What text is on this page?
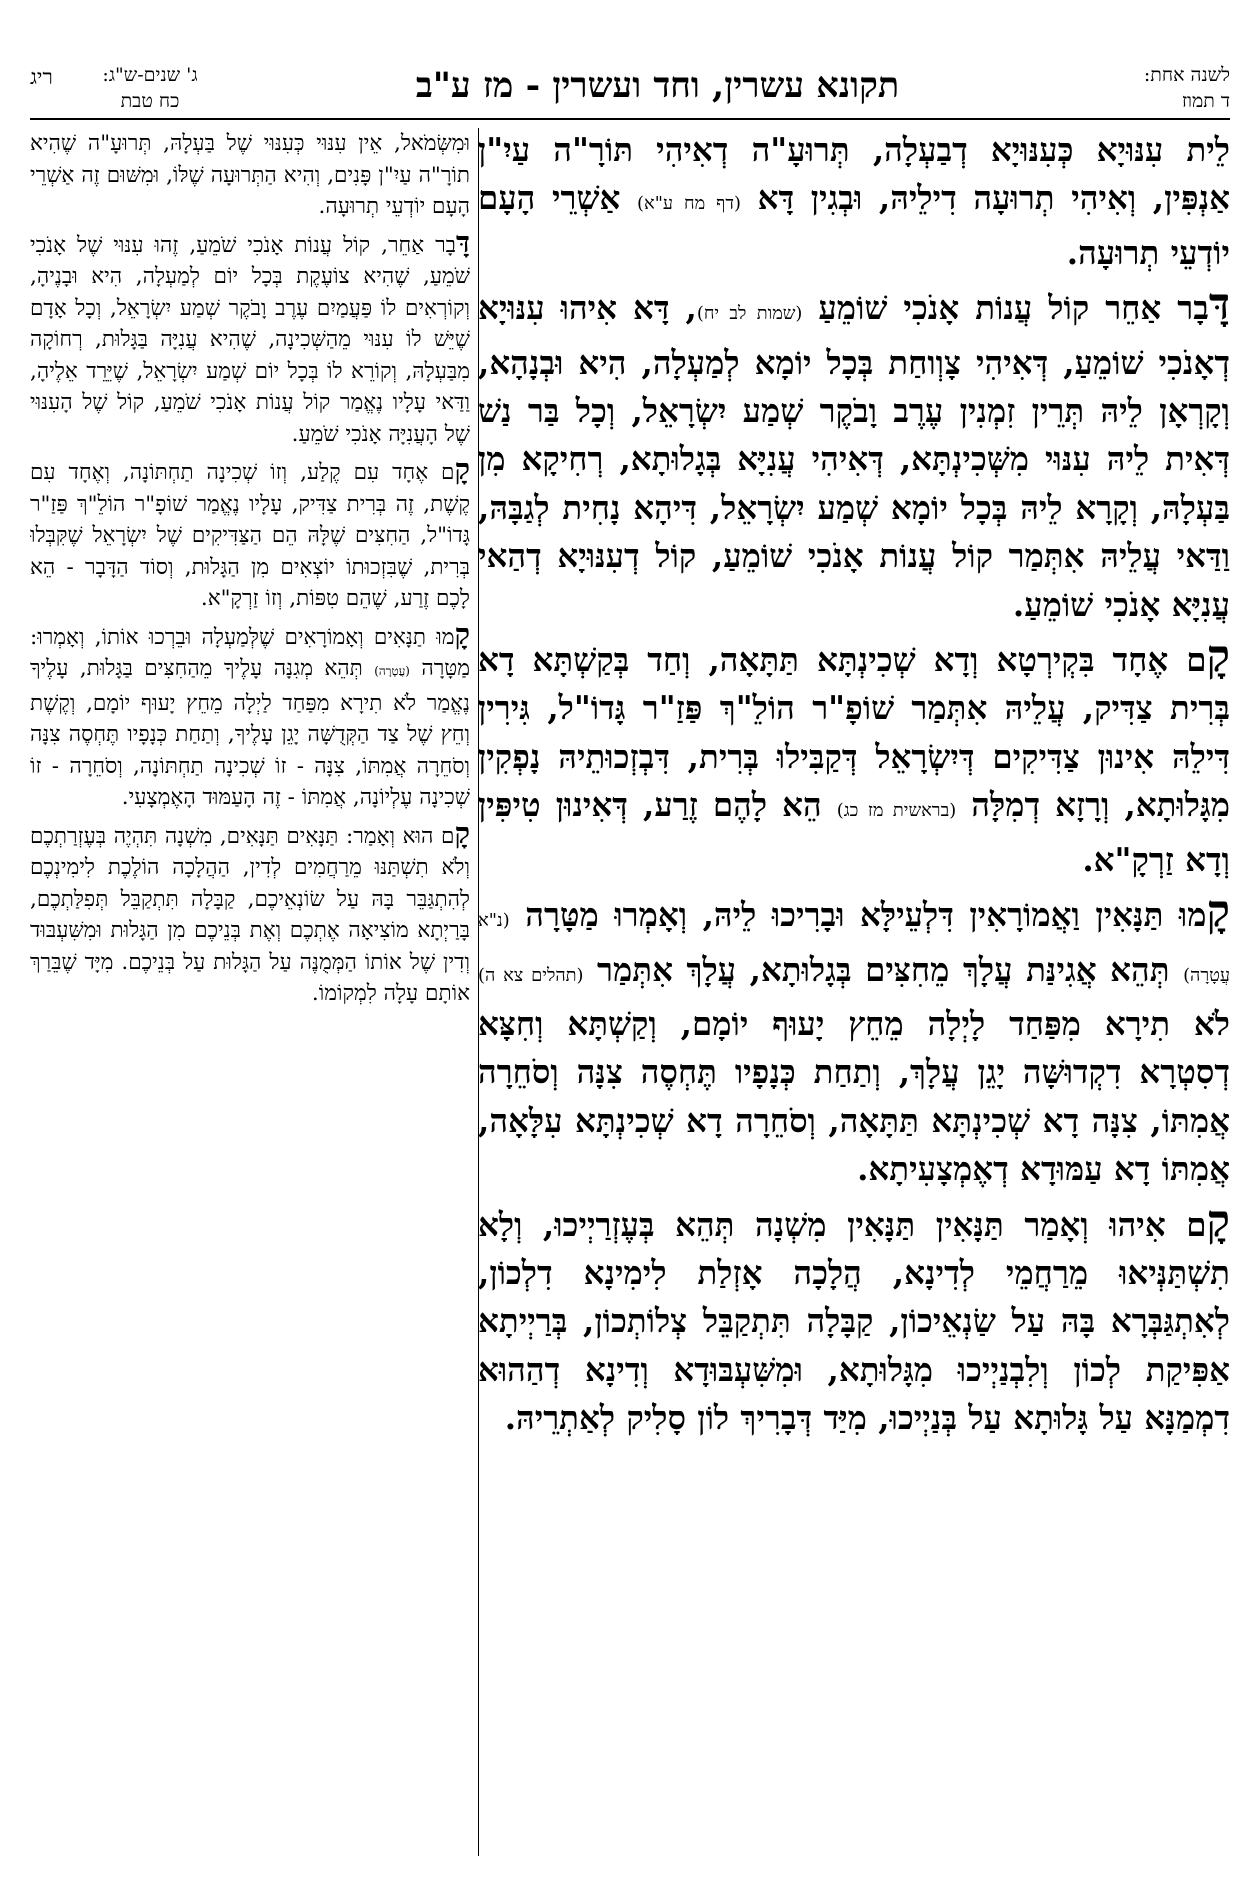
לשנה אחת:
ד תמוז
תקונא עשרין, וחד ועשרין - מז ע"ב
ג' שנים-ש"ג:
כח טבת
ריג

לֵית עִנּוּיָא כְּעִנּוּיָא דְבַעְלָה, תְּרוּעָ"ה דְאִיהִי תּוֹרָ"ה עַיִ"ן אַנְפִּין, וְאִיהִי תְרוּעָה דִילֵיהּ, וּבְגִין דָּא (דף מח ע"א) אַשְׁרֵי הָעָם יוֹדְעֵי תְרוּעָה.

דָּבָר אַחֵר קוֹל עֲנוֹת אָנֹכִי שׁוֹמֵעַ (שמות לב יח), דָּא אִיהוּ עִנּוּיָא דְאָנֹכִי שׁוֹמֵעַ, דְּאִיהִי צָוְוחַת בְּכָל יוֹמָא לְמַעְלָה, הִיא וּבְנָהָא, וְקָרְאָן לֵיהּ תְּרֵין זִמְנִין עֶרֶב וָבֹקֶר שְׁמַע יִשְׂרָאֵל, וְכָל בַּר נַשׁ דְּאִית לֵיהּ עִנּוּי מִשְּׁכִינְתָּא, דְּאִיהִי עֲנִיָּא בְּגָלוּתָא, רְחִיקָא מִן בַּעְלָהּ, וְקָרָא לֵיהּ בְּכָל יוֹמָא שְׁמַע יִשְׂרָאֵל, דִּיהָא נָחִית לְגַבָּהּ, וַדַּאי עֲלֵיהּ אִתְּמַר קוֹל עֲנוֹת אָנֹכִי שׁוֹמֵעַ, קוֹל דְעִנּוּיָא דְהַאי עֲנִיָּא אָנֹכִי שׁוֹמֵעַ.

קָם אֶחָד בִּקְירְטָא וְדָא שְׁכִינְתָּא תַּתָּאָה, וְחַד בְּקַשְׁתָּא דָא בְּרִית צַדִּיק, עֲלֵיהּ אִתְּמַר שׁוֹפָ"ר הוֹלֵ"ךְ פַּזַ"ר גָּדוֹ"ל, גִּירִין דִּילֵהּ אִינוּן צַדִּיקִים דְּיִשְׂרָאֵל דְּקַבִּילוּ בְּרִית, דִּבְזְכוּתֵיהּ נָפְקִין מִגָּלוּתָא, וְרָזָא דְמִלָּה (בראשית מז כג) הֵא לָהֶם זֶרַע, דְּאִינוּן טִיפִּין וְדָא זַרְקָ"א.

קָמוּ תַּנָּאִין וַאֲמוֹרָאִין דִּלְעֵילָּא וּבָרִיכוּ לֵיהּ, וְאָמְרוּ מַטָּרָה (נ"א עֲטָרָה) תְּהֵא אֲגִינַּת עֲלָךְ מֵחִצִּים בְּגָלוּתָא, עֲלָךְ אִתְּמַר (תהלים צא ה) לֹא תִירָא מִפַּחַד לָיְלָה מֵחֵץ יָעוּף יוֹמָם, וְקַשְׁתָּא וְחִצָּא דְסִטְרָא דִקְדוּשָּׁה יָגֵן עֲלָךְ, וְתַחַת כְּנָפָיו תֶּחְסֶה צִנָּה וְסֹחֵרָה אֲמִתּוֹ, צִנָּה דָא שְׁכִינְתָּא תַּתָּאָה, וְסֹחֵרָה דָא שְׁכִינְתָּא עִלָּאָה, אֲמִתּוֹ דָא עַמּוּדָא דְאֶמְצָעִיתָא.

קָם אִיהוּ וְאָמַר תַּנָּאִין תַּנָּאִין מִשְׁנָה תְּהֵא בְּעֶזְרַיְיכוּ, וְלָא תִשְׁתַּנְּיאוּ מֵרַחֲמֵי לְדִינָא, הֲלָכָה אָזְלַת לִימִינָא דִלְכוֹן, לְאִתְגַּבְּרָא בָּהּ עַל שַׂנְאֵיכוֹן, קַבָּלָה תִּתְקַבֵּל צְלוֹתְכוֹן, בְּרַיְיתָא אַפִּיקַת לְכוֹן וְלִבְנַיְיכוּ מִגָּלוּתָא, וּמִשִּׁעְבּוּדָא וְדִינָא דְהַהוּא דִמְמַנָּא עַל גָּלוּתָא עַל בְּנַיְיכוּ, מִיַּד דְּבָרִיךְ לוֹן סָלִיק לְאַתְרֵיהּ.

וּמִשְּׂמֹאל, אֵין עִנּוּי כְּעִנּוּי שֶׁל בַּעְלָהּ, תְּרוּעָ"ה שֶׁהִיא תוֹרָ"ה עַיִ"ן פָּנִים, וְהִיא הַתְּרוּעָה שֶׁלּוֹ, וּמִשּׁוּם זֶה אַשְׁרֵי הָעָם יוֹדְעֵי תְרוּעָה.

דָּבָר אַחֵר, קוֹל עֲנוֹת אָנֹכִי שֹׁמֵעַ, זֶהוּ עִנּוּי שֶׁל אָנֹכִי שֹׁמֵעַ, שֶׁהִיא צוֹעֶקֶת בְּכָל יוֹם לְמַעְלָה, הִיא וּבָנֶיהָ, וְקוֹרְאִים לוֹ פַּעֲמַיִם עֶרֶב וָבֹקֶר שְׁמַע יִשְׂרָאֵל, וְכָל אָדָם שֶׁיֵּשׁ לוֹ עִנּוּי מֵהַשְּׁכִינָה, שֶׁהִיא עֲנִיָּה בַּגָּלוּת, רְחוֹקָה מִבַּעְלָהּ, וְקוֹרֵא לוֹ בְּכָל יוֹם שְׁמַע יִשְׂרָאֵל, שֶׁיֵּרֵד אֵלֶיהָ, וַדַּאי עָלָיו נֶאֱמַר קוֹל עֲנוֹת אָנֹכִי שֹׁמֵעַ, קוֹל שֶׁל הָעִנּוּי שֶׁל הָעֲנִיָּה אָנֹכִי שֹׁמֵעַ.

קָם אֶחָד עִם קֶלַע, וְזוֹ שְׁכִינָה תַחְתּוֹנָה, וְאֶחָד עִם קֶשֶׁת, זֶה בְּרִית צַדִּיק, עָלָיו נֶאֱמַר שׁוֹפָ"ר הוֹלֵ"ךְ פַּזַ"ר גָּדוֹ"ל, הַחִצִּים שֶׁלָּהּ הֵם הַצַּדִּיקִים שֶׁל יִשְׂרָאֵל שֶׁקִּבְּלוּ בְּרִית, שֶׁבִּזְכוּתוֹ יוֹצְאִים מִן הַגָּלוּת, וְסוֹד הַדָּבָר - הֵא לָכֶם זֶרַע, שֶׁהֵם טִפּוֹת, וְזוֹ זַרְקָ"א.

קָמוּ תַנָּאִים וְאָמוֹרָאִים שֶׁלְּמַעְלָה וּבֵרְכוּ אוֹתוֹ, וְאָמְרוּ: מַטָּרָה (עֲטָרָה) תְּהֵא מְגִנָּה עָלֶיךָ מֵהַחִצִּים בַּגָּלוּת, עָלֶיךָ נֶאֱמַר לֹא תִירָא מִפַּחַד לַיְלָה מֵחֵץ יָעוּף יוֹמָם, וְקֶשֶׁת וְחֵץ שֶׁל צַד הַקְּדֻשָּׁה יָגֵן עָלֶיךָ, וְתַחַת כְּנָפָיו תֶּחְסֶה צִנָּה וְסֹחֵרָה אֲמִתּוֹ, צִנָּה - זוֹ שְׁכִינָה תַחְתּוֹנָה, וְסֹחֵרָה - זוֹ שְׁכִינָה עֶלְיוֹנָה, אֲמִתּוֹ - זֶה הָעַמּוּד הָאֶמְצָעִי.

קָם הוּא וְאָמַר: תַּנָּאִים תַּנָּאִים, מִשְׁנָה תִּהְיֶה בְּעֶזְרַתְכֶם וְלֹא תִשְׁתַּנּוּ מֵרַחֲמִים לְדִין, הַהֲלָכָה הוֹלֶכֶת לִימִינְכֶם לְהִתְגַּבֵּר בָּהּ עַל שׂוֹנְאֵיכֶם, קַבָּלָה תִּתְקַבֵּל תְּפִלַּתְכֶם, בָּרַיְתָא מוֹצִיאָה אֶתְכֶם וְאֶת בְּנֵיכֶם מִן הַגָּלוּת וּמִשִּׁעְבּוּד וְדִין שֶׁל אוֹתוֹ הַמְּמֻנֶּה עַל הַגָּלוּת עַל בְּנֵיכֶם. מִיָּד שֶׁבֵּרַךְ אוֹתָם עָלָה לִמְקוֹמוֹ.
